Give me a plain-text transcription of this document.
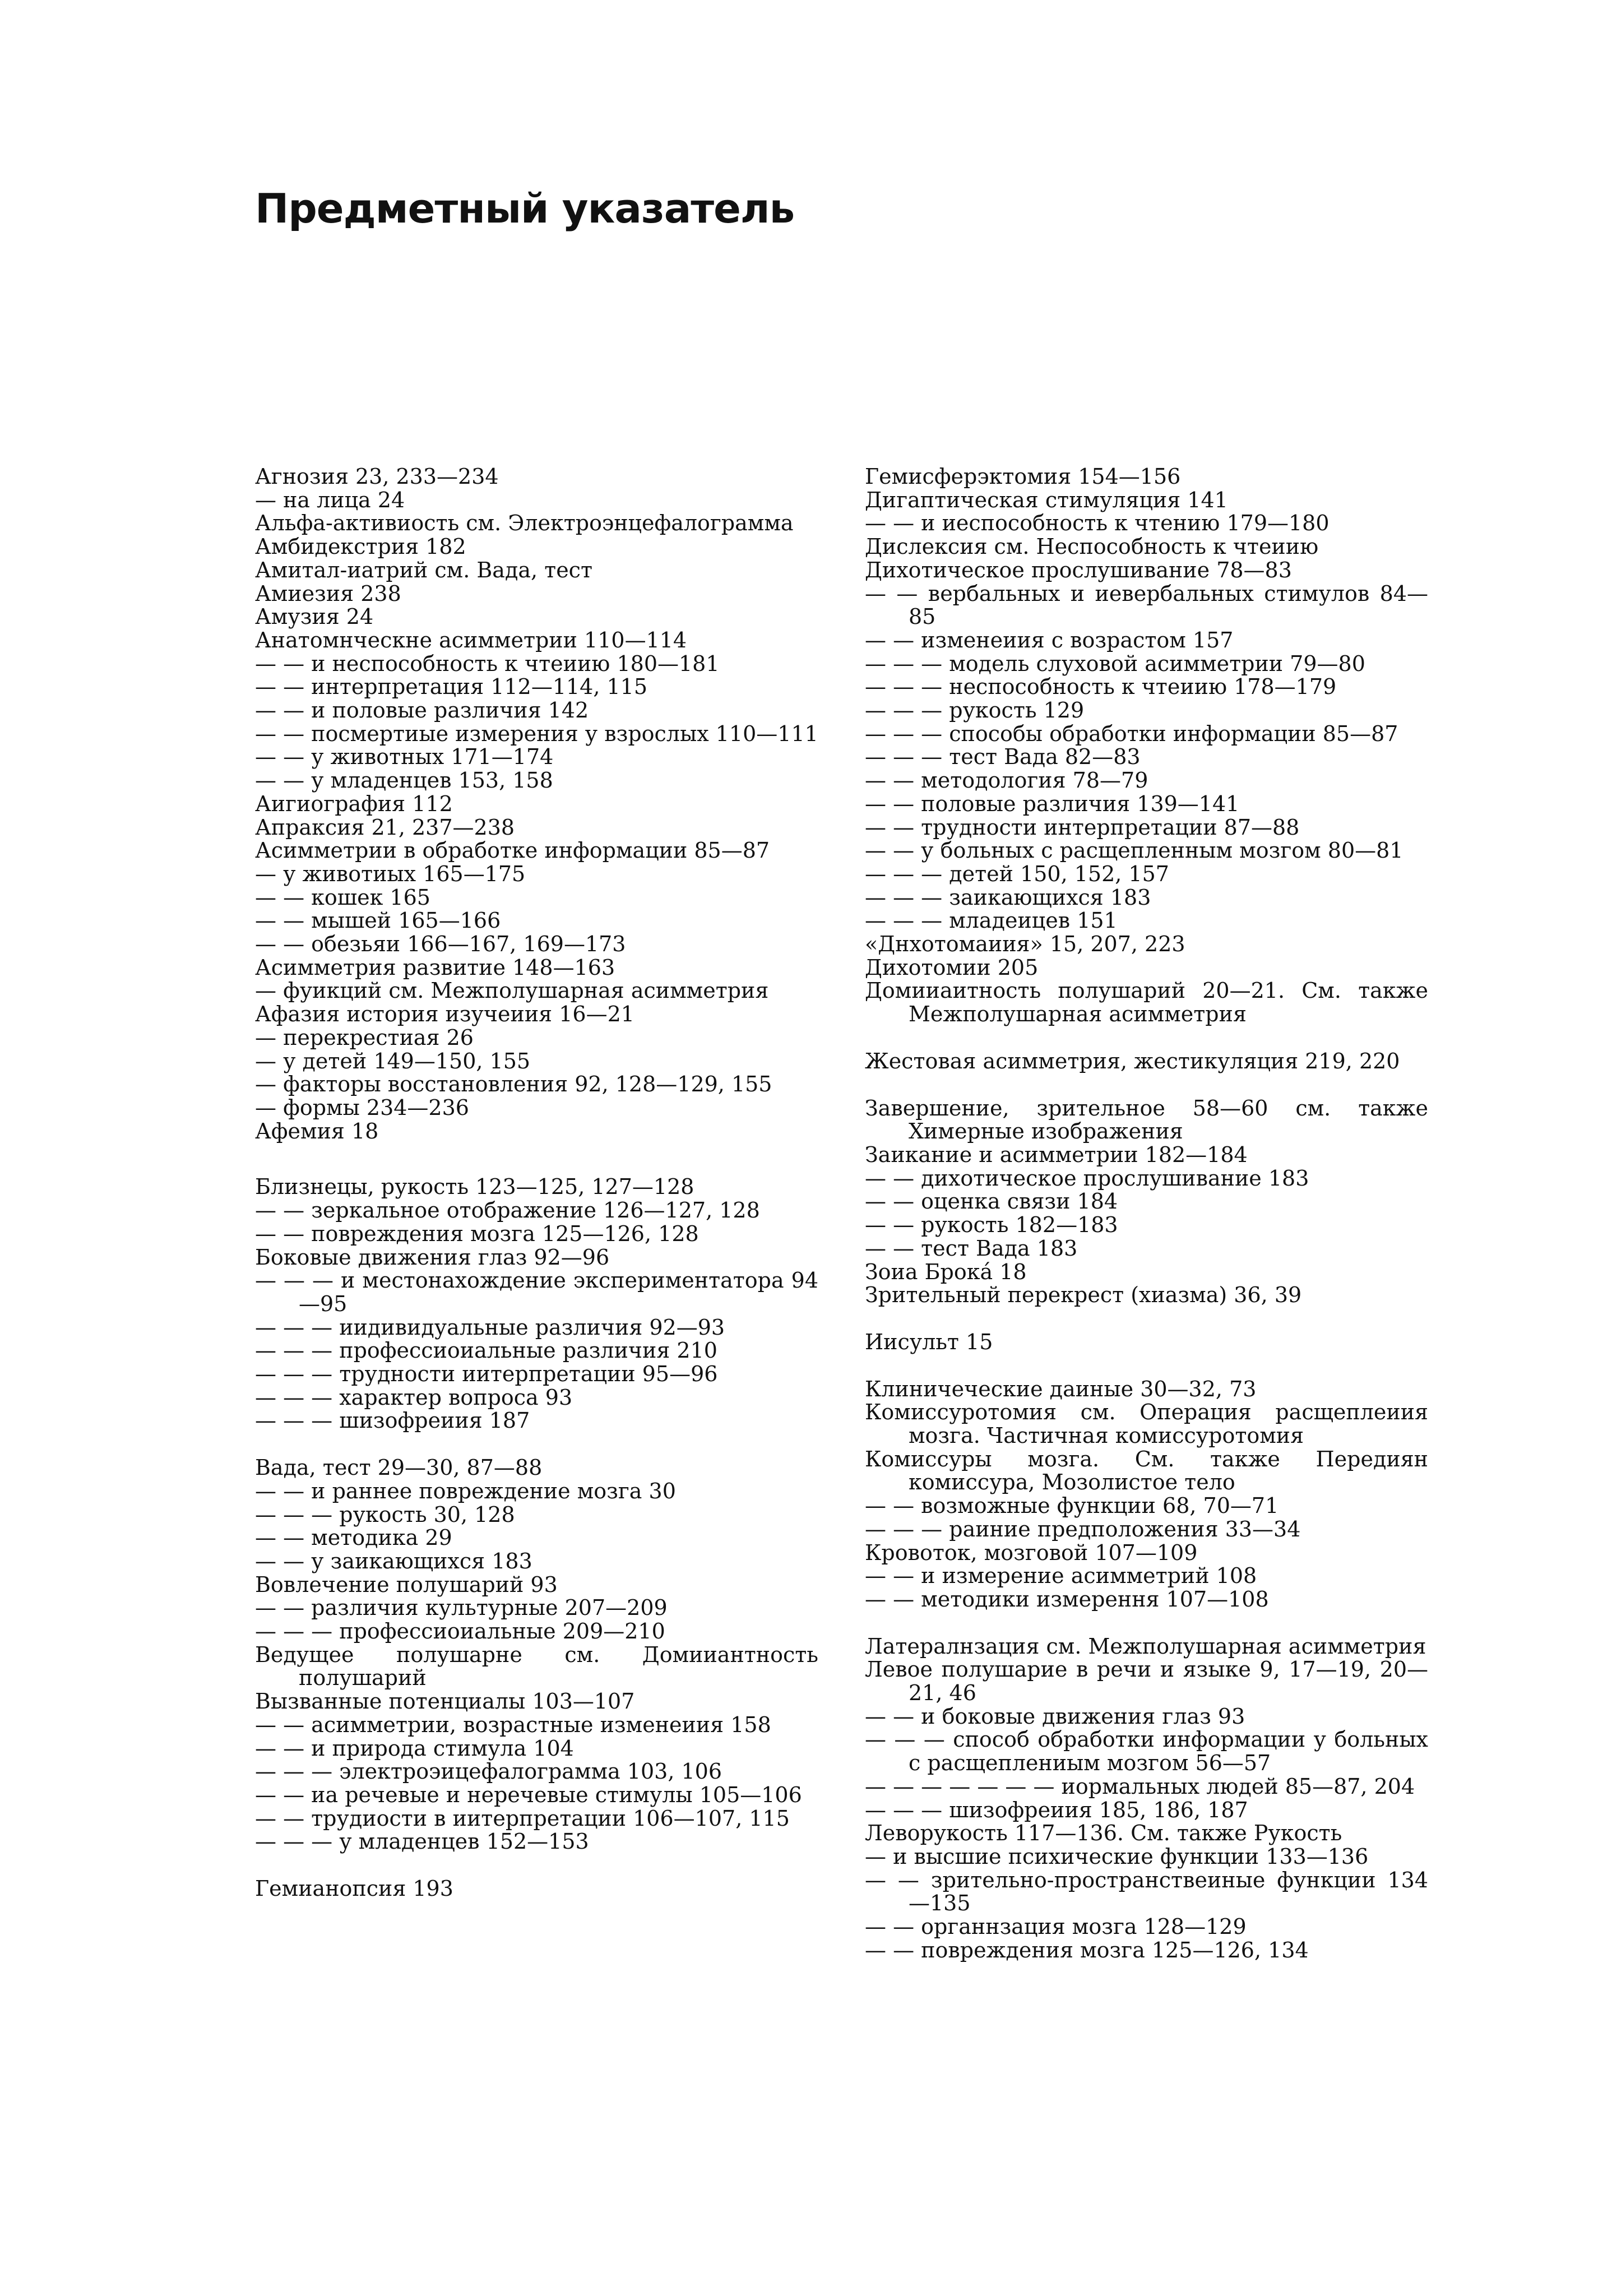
Предметный указатель
Агнозия 23, 233—234
— на лица 24
Альфа-активиость см. Электроэнцефалограмма
Амбидекстрия 182
Амитал-иатрий см. Вада, тест
Амиезия 238
Амузия 24
Анатомнческне асимметрии 110—114
— — и неспособность к чтеиию 180—181
— — интерпретация 112—114, 115
— — и половые различия 142
— — посмертиые измерения у взрослых 110—111
— — у животных 171—174
— — у младенцев 153, 158
Аигиография 112
Апраксия 21, 237—238
Асимметрии в обработке информации 85—87
— у животиых 165—175
— — кошек 165
— — мышей 165—166
— — обезьяи 166—167, 169—173
Асимметрия развитие 148—163
— фуикций см. Межполушарная асимметрия
Афазия история изучеиия 16—21
— перекрестиая 26
— у детей 149—150, 155
— факторы восстановления 92, 128—129, 155
— формы 234—236
Афемия 18
Близнецы, рукость 123—125, 127—128
— — зеркальное отображение 126—127, 128
— — повреждения мозга 125—126, 128
Боковые движения глаз 92—96
— — — и местонахождение экспериментатора 94—95
— — — иидивидуальные различия 92—93
— — — профессиоиальные различия 210
— — — трудности иитерпретации 95—96
— — — характер вопроса 93
— — — шизофреиия 187
Вада, тест 29—30, 87—88
— — и раннее повреждение мозга 30
— — — рукость 30, 128
— — методика 29
— — у заикающихся 183
Вовлечение полушарий 93
— — различия культурные 207—209
— — — профессиоиальные 209—210
Ведущее полушарне см. Домииантность полушарий
Вызванные потенциалы 103—107
— — асимметрии, возрастные изменеиия 158
— — и природа стимула 104
— — — электроэицефалограмма 103, 106
— — иа речевые и неречевые стимулы 105—106
— — трудиости в иитерпретации 106—107, 115
— — — у младенцев 152—153
Гемианопсия 193
Гемисферэктомия 154—156
Дигаптическая стимуляция 141
— — и иеспособность к чтению 179—180
Дислексия см. Неспособность к чтеиию
Дихотическое прослушивание 78—83
— — вербальных и иевербальных стимулов 84—85
— — изменеиия с возрастом 157
— — — модель слуховой асимметрии 79—80
— — — неспособность к чтеиию 178—179
— — — рукость 129
— — — способы обработки информации 85—87
— — — тест Вада 82—83
— — методология 78—79
— — половые различия 139—141
— — трудности интерпретации 87—88
— — у больных с расщепленным мозгом 80—81
— — — детей 150, 152, 157
— — — заикающихся 183
— — — младеицев 151
«Днхотомаиия» 15, 207, 223
Дихотомии 205
Домииаитность полушарий 20—21. См. также Межполушарная асимметрия
Жестовая асимметрия, жестикуляция 219, 220
Завершение, зрительное 58—60 см. также Химерные изображения
Заикание и асимметрии 182—184
— — дихотическое прослушивание 183
— — оценка связи 184
— — рукость 182—183
— — тест Вада 183
Зоиа Брокá 18
Зрительный перекрест (хиазма) 36, 39
Иисульт 15
Клиничеческие даиные 30—32, 73
Комиссуротомия см. Операция расщеплеиия мозга. Частичная комиссуротомия
Комиссуры мозга. См. также Передиян комиссура, Мозолистое тело
— — возможные функции 68, 70—71
— — — раиние предположения 33—34
Кровоток, мозговой 107—109
— — и измерение асимметрий 108
— — методики измерення 107—108
Латералнзация см. Межполушарная асимметрия
Левое полушарие в речи и языке 9, 17—19, 20—21, 46
— — и боковые движения глаз 93
— — — способ обработки информации у больных с расщеплениым мозгом 56—57
— — — — — — — иормальных людей 85—87, 204
— — — шизофреиия 185, 186, 187
Леворукость 117—136. См. также Рукость
— и высшие психические функции 133—136
— — зрительно-пространствеиные функции 134—135
— — органнзация мозга 128—129
— — повреждения мозга 125—126, 134
